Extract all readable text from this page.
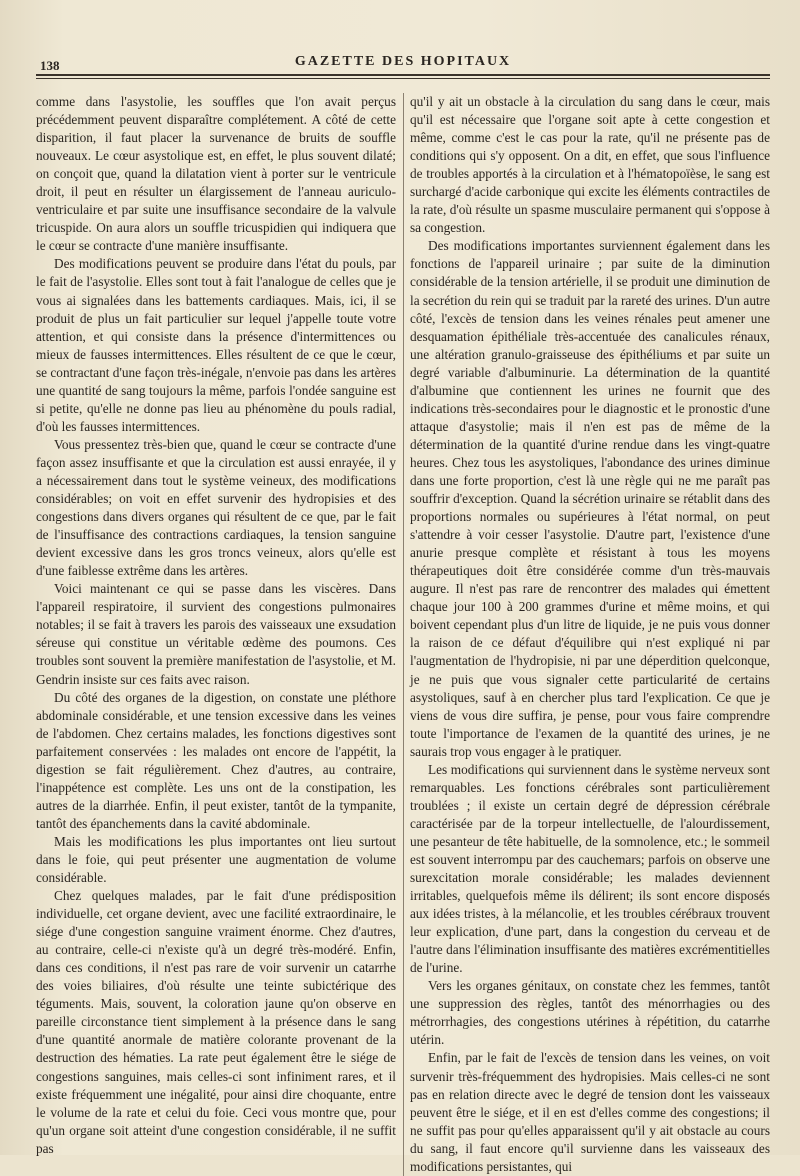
138	GAZETTE DES HOPITAUX

comme dans l'asystolie, les souffles que l'on avait perçus précédemment peuvent disparaître complétement. A côté de cette disparition, il faut placer la survenance de bruits de souffle nouveaux. Le cœur asystolique est, en effet, le plus souvent dilaté; on conçoit que, quand la dilatation vient à porter sur le ventricule droit, il peut en résulter un élargissement de l'anneau auriculo-ventriculaire et par suite une insuffisance secondaire de la valvule tricuspide. On aura alors un souffle tricuspidien qui indiquera que le cœur se contracte d'une manière insuffisante.

Des modifications peuvent se produire dans l'état du pouls, par le fait de l'asystolie. Elles sont tout à fait l'analogue de celles que je vous ai signalées dans les battements cardiaques. Mais, ici, il se produit de plus un fait particulier sur lequel j'appelle toute votre attention, et qui consiste dans la présence d'intermittences ou mieux de fausses intermittences. Elles résultent de ce que le cœur, se contractant d'une façon très-inégale, n'envoie pas dans les artères une quantité de sang toujours la même, parfois l'ondée sanguine est si petite, qu'elle ne donne pas lieu au phénomène du pouls radial, d'où les fausses intermittences.

Vous pressentez très-bien que, quand le cœur se contracte d'une façon assez insuffisante et que la circulation est aussi enrayée, il y a nécessairement dans tout le système veineux, des modifications considérables; on voit en effet survenir des hydropisies et des congestions dans divers organes qui résultent de ce que, par le fait de l'insuffisance des contractions cardiaques, la tension sanguine devient excessive dans les gros troncs veineux, alors qu'elle est d'une faiblesse extrême dans les artères.

Voici maintenant ce qui se passe dans les viscères. Dans l'appareil respiratoire, il survient des congestions pulmonaires notables; il se fait à travers les parois des vaisseaux une exsudation séreuse qui constitue un véritable œdème des poumons. Ces troubles sont souvent la première manifestation de l'asystolie, et M. Gendrin insiste sur ces faits avec raison.

Du côté des organes de la digestion, on constate une pléthore abdominale considérable, et une tension excessive dans les veines de l'abdomen. Chez certains malades, les fonctions digestives sont parfaitement conservées : les malades ont encore de l'appétit, la digestion se fait régulièrement. Chez d'autres, au contraire, l'inappétence est complète. Les uns ont de la constipation, les autres de la diarrhée. Enfin, il peut exister, tantôt de la tympanite, tantôt des épanchements dans la cavité abdominale.

Mais les modifications les plus importantes ont lieu surtout dans le foie, qui peut présenter une augmentation de volume considérable.

Chez quelques malades, par le fait d'une prédisposition individuelle, cet organe devient, avec une facilité extraordinaire, le siége d'une congestion sanguine vraiment énorme. Chez d'autres, au contraire, celle-ci n'existe qu'à un degré très-modéré. Enfin, dans ces conditions, il n'est pas rare de voir survenir un catarrhe des voies biliaires, d'où résulte une teinte subictérique des téguments. Mais, souvent, la coloration jaune qu'on observe en pareille circonstance tient simplement à la présence dans le sang d'une quantité anormale de matière colorante provenant de la destruction des hématies. La rate peut également être le siége de congestions sanguines, mais celles-ci sont infiniment rares, et il existe fréquemment une inégalité, pour ainsi dire choquante, entre le volume de la rate et celui du foie. Ceci vous montre que, pour qu'un organe soit atteint d'une congestion considérable, il ne suffit pas

qu'il y ait un obstacle à la circulation du sang dans le cœur, mais qu'il est nécessaire que l'organe soit apte à cette congestion et même, comme c'est le cas pour la rate, qu'il ne présente pas de conditions qui s'y opposent. On a dit, en effet, que sous l'influence de troubles apportés à la circulation et à l'hématopoïèse, le sang est surchargé d'acide carbonique qui excite les éléments contractiles de la rate, d'où résulte un spasme musculaire permanent qui s'oppose à sa congestion.

Des modifications importantes surviennent également dans les fonctions de l'appareil urinaire ; par suite de la diminution considérable de la tension artérielle, il se produit une diminution de la secrétion du rein qui se traduit par la rareté des urines. D'un autre côté, l'excès de tension dans les veines rénales peut amener une desquamation épithéliale très-accentuée des canalicules rénaux, une altération granulo-graisseuse des épithéliums et par suite un degré variable d'albuminurie. La détermination de la quantité d'albumine que contiennent les urines ne fournit que des indications très-secondaires pour le diagnostic et le pronostic d'une attaque d'asystolie; mais il n'en est pas de même de la détermination de la quantité d'urine rendue dans les vingt-quatre heures. Chez tous les asystoliques, l'abondance des urines diminue dans une forte proportion, c'est là une règle qui ne me paraît pas souffrir d'exception. Quand la sécrétion urinaire se rétablit dans des proportions normales ou supérieures à l'état normal, on peut s'attendre à voir cesser l'asystolie. D'autre part, l'existence d'une anurie presque complète et résistant à tous les moyens thérapeutiques doit être considérée comme d'un très-mauvais augure. Il n'est pas rare de rencontrer des malades qui émettent chaque jour 100 à 200 grammes d'urine et même moins, et qui boivent cependant plus d'un litre de liquide, je ne puis vous donner la raison de ce défaut d'équilibre qui n'est expliqué ni par l'augmentation de l'hydropisie, ni par une déperdition quelconque, je ne puis que vous signaler cette particularité de certains asystoliques, sauf à en chercher plus tard l'explication. Ce que je viens de vous dire suffira, je pense, pour vous faire comprendre toute l'importance de l'examen de la quantité des urines, je ne saurais trop vous engager à le pratiquer.

Les modifications qui surviennent dans le système nerveux sont remarquables. Les fonctions cérébrales sont particulièrement troublées ; il existe un certain degré de dépression cérébrale caractérisée par de la torpeur intellectuelle, de l'alourdissement, une pesanteur de tête habituelle, de la somnolence, etc.; le sommeil est souvent interrompu par des cauchemars; parfois on observe une surexcitation morale considérable; les malades deviennent irritables, quelquefois même ils délirent; ils sont encore disposés aux idées tristes, à la mélancolie, et les troubles cérébraux trouvent leur explication, d'une part, dans la congestion du cerveau et de l'autre dans l'élimination insuffisante des matières excrémentitielles de l'urine.

Vers les organes génitaux, on constate chez les femmes, tantôt une suppression des règles, tantôt des ménorrhagies ou des métrorrhagies, des congestions utérines à répétition, du catarrhe utérin.

Enfin, par le fait de l'excès de tension dans les veines, on voit survenir très-fréquemment des hydropisies. Mais celles-ci ne sont pas en relation directe avec le degré de tension dont les vaisseaux peuvent être le siége, et il en est d'elles comme des congestions; il ne suffit pas pour qu'elles apparaissent qu'il y ait obstacle au cours du sang, il faut encore qu'il survienne dans les vaisseaux des modifications persistantes, qui
